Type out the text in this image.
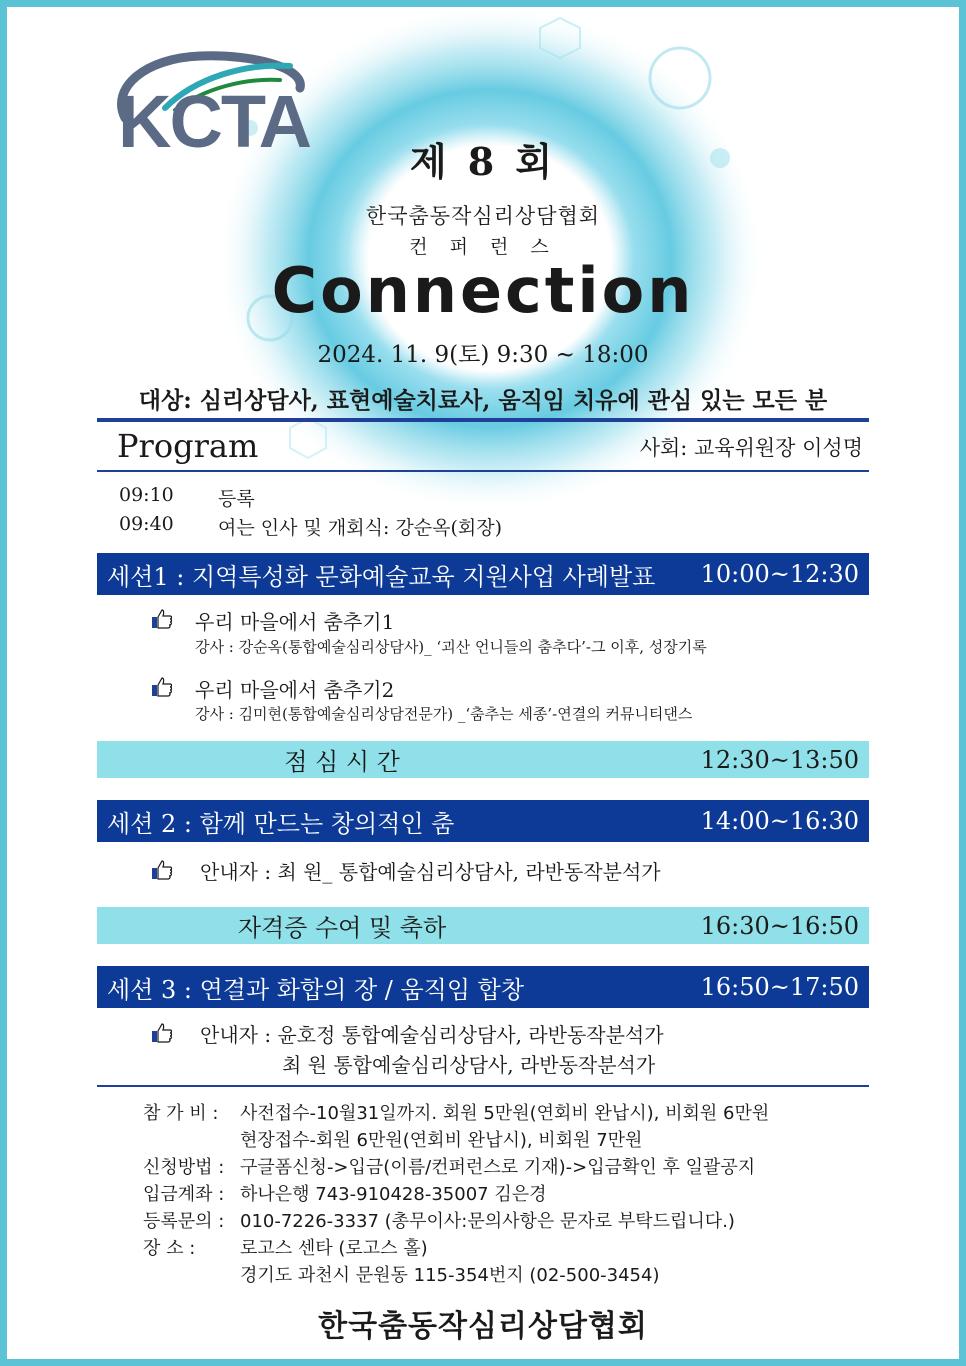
KCTA	제 8 회
한국춤동작심리상담협회
컨 퍼 런 스
Connection
2024. 11. 9(토) 9:30 ~ 18:00
대상: 심리상담사, 표현예술치료사, 움직임 치유에 관심 있는 모든 분
Program	사회: 교육위원장 이성명
09:10 등록
09:40 여는 인사 및 개회식: 강순옥(회장)
세션1 : 지역특성화 문화예술교육 지원사업 사례발표 10:00~12:30
우리 마을에서 춤추기1
강사 : 강순옥(통합예술심리상담사)_ ‘괴산 언니들의 춤추다’-그 이후, 성장기록
우리 마을에서 춤추기2
강사 : 김미현(통합예술심리상담전문가) _‘춤추는 세종’-연결의 커뮤니티댄스
점 심 시 간	12:30~13:50
세션 2 : 함께 만드는 창의적인 춤	14:00~16:30
안내자 : 최 원_ 통합예술심리상담사, 라반동작분석가
자격증 수여 및 축하	16:30~16:50
세션 3 : 연결과 화합의 장 / 움직임 합창	16:50~17:50
안내자 : 윤호정 통합예술심리상담사, 라반동작분석가
최 원 통합예술심리상담사, 라반동작분석가
참 가 비 : 사전접수-10월31일까지. 회원 5만원(연회비 완납시), 비회원 6만원
현장접수-회원 6만원(연회비 완납시), 비회원 7만원
신청방법 : 구글폼신청->입금(이름/컨퍼런스로 기재)->입금확인 후 일괄공지
입금계좌 : 하나은행 743-910428-35007 김은경
등록문의 : 010-7226-3337 (총무이사:문의사항은 문자로 부탁드립니다.)
장 소 : 로고스 센타 (로고스 홀)
경기도 과천시 문원동 115-354번지 (02-500-3454)
한국춤동작심리상담협회
